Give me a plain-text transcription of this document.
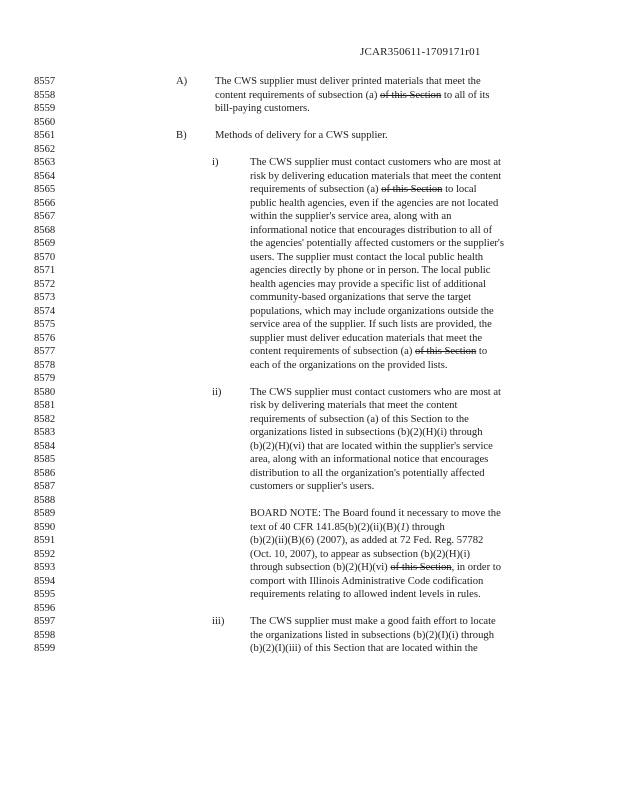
JCAR350611-1709171r01
8557	A)	The CWS supplier must deliver printed materials that meet the
8558	content requirements of subsection (a) of this Section to all of its
8559	bill-paying customers.
8560
8561	B)	Methods of delivery for a CWS supplier.
8562
8563	i)	The CWS supplier must contact customers who are most at
8564	risk by delivering education materials that meet the content
8565	requirements of subsection (a) of this Section to local
8566	public health agencies, even if the agencies are not located
8567	within the supplier's service area, along with an
8568	informational notice that encourages distribution to all of
8569	the agencies' potentially affected customers or the supplier's
8570	users. The supplier must contact the local public health
8571	agencies directly by phone or in person. The local public
8572	health agencies may provide a specific list of additional
8573	community-based organizations that serve the target
8574	populations, which may include organizations outside the
8575	service area of the supplier. If such lists are provided, the
8576	supplier must deliver education materials that meet the
8577	content requirements of subsection (a) of this Section to
8578	each of the organizations on the provided lists.
8579
8580	ii)	The CWS supplier must contact customers who are most at
8581	risk by delivering materials that meet the content
8582	requirements of subsection (a) of this Section to the
8583	organizations listed in subsections (b)(2)(H)(i) through
8584	(b)(2)(H)(vi) that are located within the supplier's service
8585	area, along with an informational notice that encourages
8586	distribution to all the organization's potentially affected
8587	customers or supplier's users.
8588
8589	BOARD NOTE: The Board found it necessary to move the
8590	text of 40 CFR 141.85(b)(2)(ii)(B)(1) through
8591	(b)(2)(ii)(B)(6) (2007), as added at 72 Fed. Reg. 57782
8592	(Oct. 10, 2007), to appear as subsection (b)(2)(H)(i)
8593	through subsection (b)(2)(H)(vi) of this Section, in order to
8594	comport with Illinois Administrative Code codification
8595	requirements relating to allowed indent levels in rules.
8596
8597	iii) The CWS supplier must make a good faith effort to locate
8598	the organizations listed in subsections (b)(2)(I)(i) through
8599	(b)(2)(I)(iii) of this Section that are located within the
